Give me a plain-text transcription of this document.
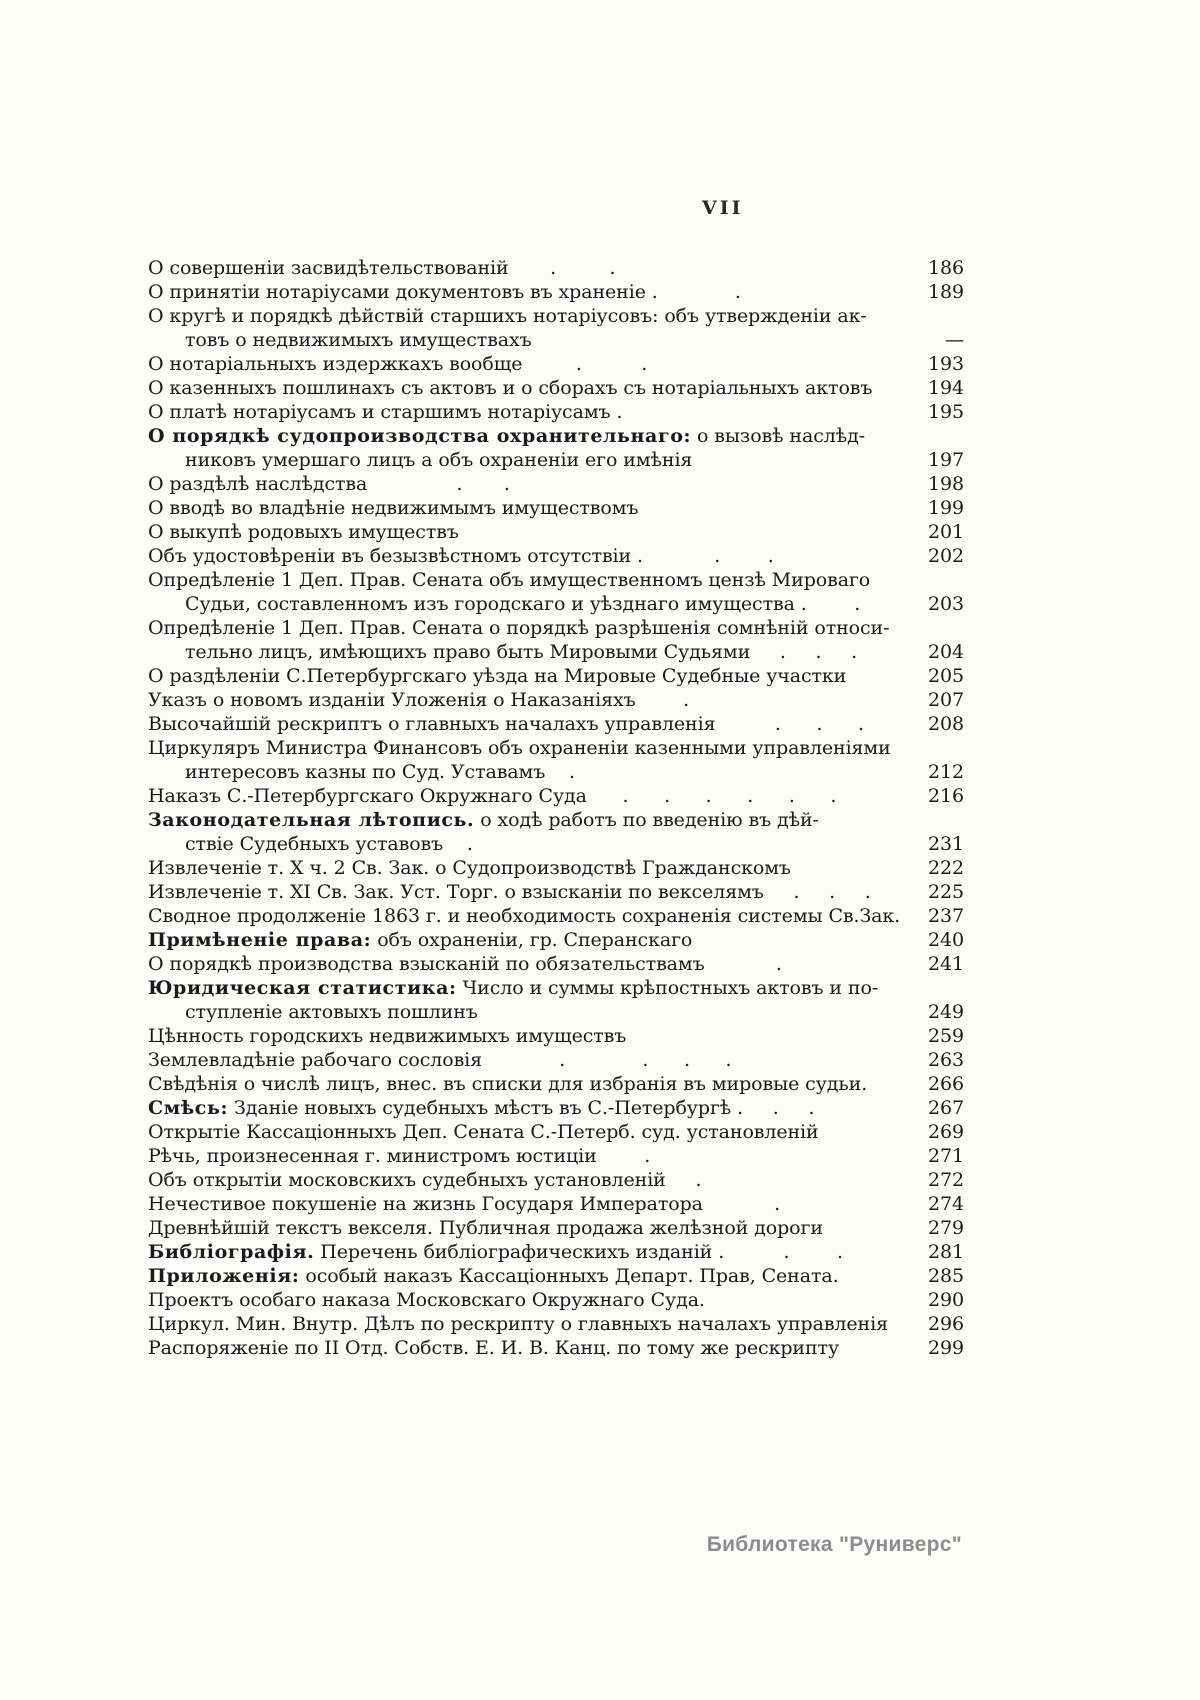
VII
О совершеніи засвидѣтельствованій       .         .	186
О принятіи нотаріусами документовъ въ храненіе .             .	189
О кругѣ и порядкѣ дѣйствій старшихъ нотаріусовъ: объ утвержденіи ак-
товъ о недвижимыхъ имуществахъ	—
О нотаріальныхъ издержкахъ вообще         .          .	193
О казенныхъ пошлинахъ съ актовъ и о сборахъ съ нотаріальныхъ актовъ	194
О платѣ нотаріусамъ и старшимъ нотаріусамъ .	195
О порядкѣ судопроизводства охранительнаго: о вызовѣ наслѣд-
никовъ умершаго лицъ а объ охраненіи его имѣнія	197
О раздѣлѣ наслѣдства               .       .	198
О вводѣ во владѣніе недвижимымъ имуществомъ	199
О выкупѣ родовыхъ имуществъ	201
Объ удостовѣреніи въ безызвѣстномъ отсутствіи .            .        .	202
Опредѣленіе 1 Деп. Прав. Сената объ имущественномъ цензѣ Мироваго
Судьи, составленномъ изъ городскаго и уѣзднаго имущества .        .	203
Опредѣленіе 1 Деп. Прав. Сената о порядкѣ разрѣшенія сомнѣній относи-
тельно лицъ, имѣющихъ право быть Мировыми Судьями     .     .     .	204
О раздѣленіи С.Петербургскаго уѣзда на Мировые Судебные участки	205
Указъ о новомъ изданіи Уложенія о Наказаніяхъ        .	207
Высочайшій рескриптъ о главныхъ началахъ управленія          .      .      .	208
Циркуляръ Министра Финансовъ объ охраненіи казенными управленіями
интересовъ казны по Суд. Уставамъ    .	212
Наказъ С.-Петербургскаго Окружнаго Суда      .      .      .      .      .      .	216
Законодательная лѣтопись. о ходѣ работъ по введенію въ дѣй-
ствіе Судебныхъ уставовъ    .	231
Извлеченіе т. X ч. 2 Св. Зак. о Судопроизводствѣ Гражданскомъ	222
Извлеченіе т. XI Св. Зак. Уст. Торг. о взысканіи по векселямъ     .     .     .	225
Сводное продолженіе 1863 г. и необходимость сохраненія системы Св.Зак.	237
Примѣненіе права: объ охраненіи, гр. Сперанскаго	240
О порядкѣ производства взысканій по обязательствамъ            .	241
Юридическая статистика: Число и суммы крѣпостныхъ актовъ и по-
ступленіе актовыхъ пошлинъ	249
Цѣнность городскихъ недвижимыхъ имуществъ	259
Землевладѣніе рабочаго сословія             .             .      .      .	263
Свѣдѣнія о числѣ лицъ, внес. въ списки для избранія въ мировые судьи.	266
Смѣсь: Зданіе новыхъ судебныхъ мѣстъ въ С.-Петербургѣ .     .     .	267
Открытіе Кассаціонныхъ Деп. Сената С.-Петерб. суд. установленій	269
Рѣчь, произнесенная г. министромъ юстиціи        .	271
Объ открытіи московскихъ судебныхъ установленій     .	272
Нечестивое покушеніе на жизнь Государя Императора            .	274
Древнѣйшій текстъ векселя. Публичная продажа желѣзной дороги	279
Библіографія. Перечень библіографическихъ изданій .          .        .	281
Приложенія: особый наказъ Кассаціонныхъ Департ. Прав, Сената.	285
Проектъ особаго наказа Московскаго Окружнаго Суда.	290
Циркул. Мин. Внутр. Дѣлъ по рескрипту о главныхъ началахъ управленія	296
Распоряженіе по II Отд. Собств. Е. И. В. Канц. по тому же рескрипту	299
Библиотека "Руниверс"
